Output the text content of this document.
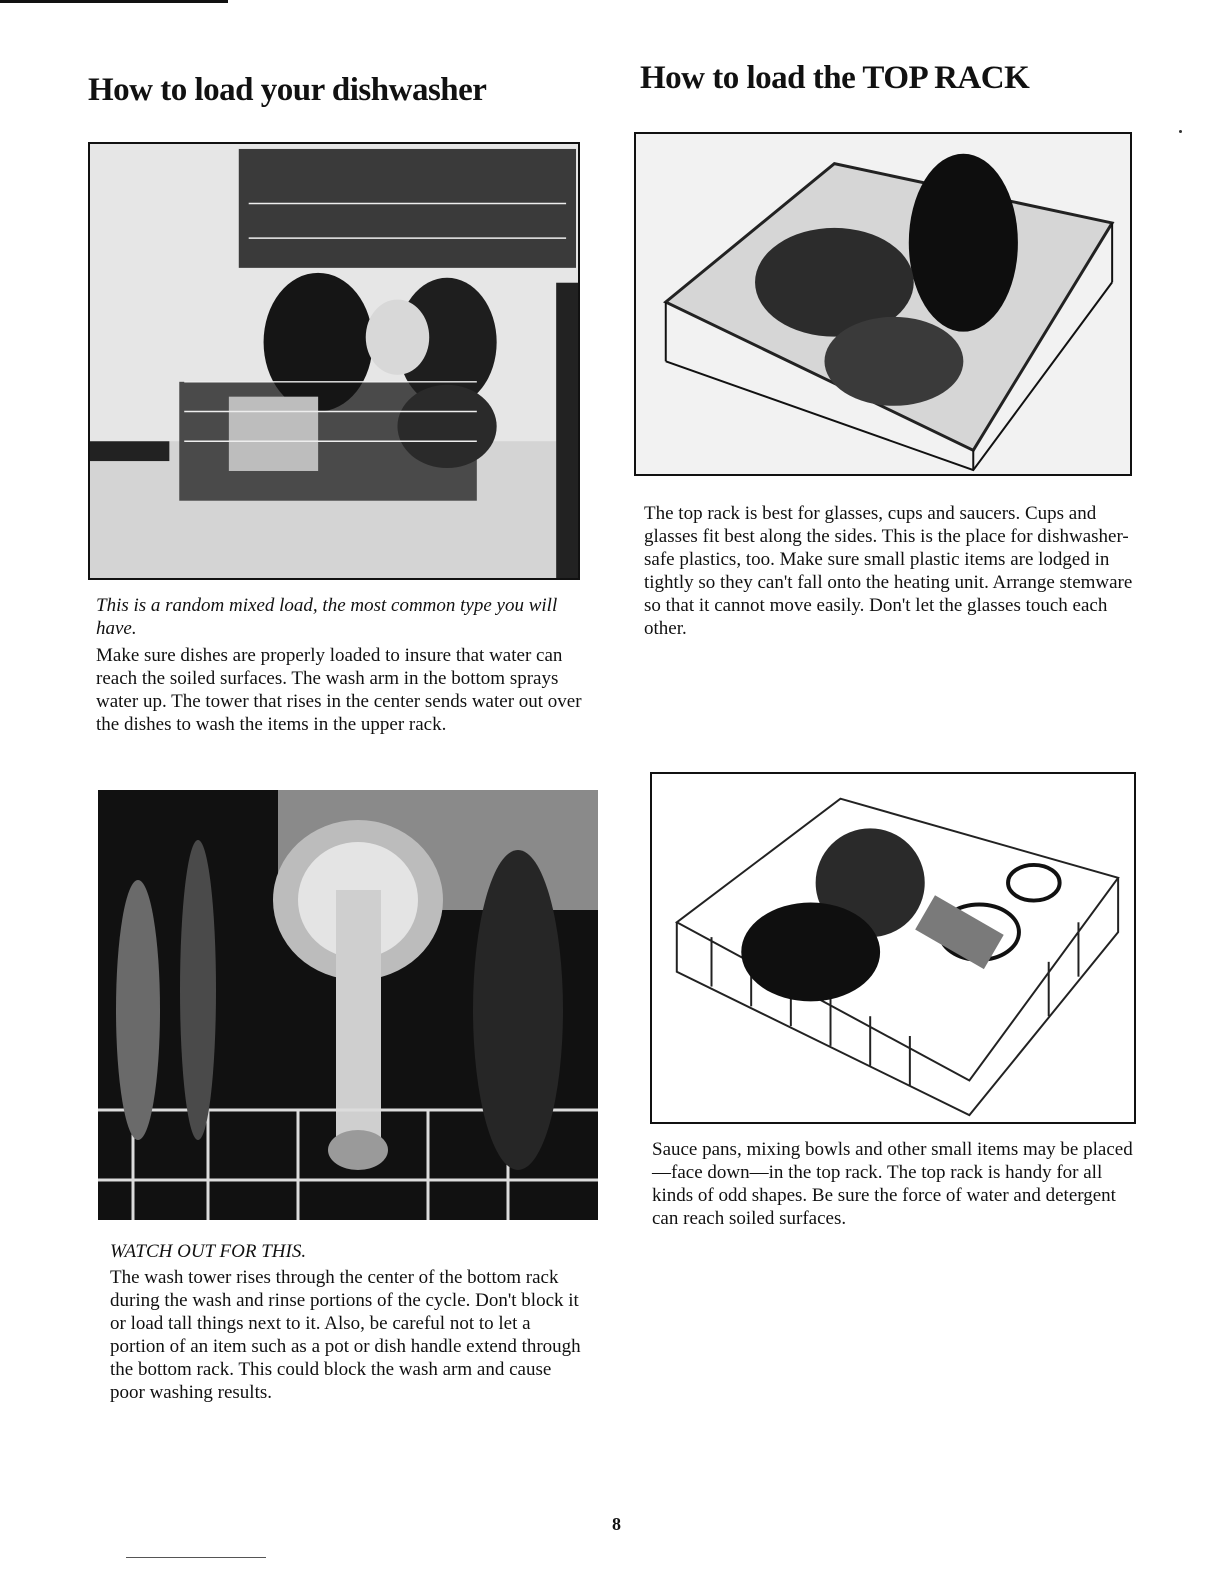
How to load your dishwasher	How to load the TOP RACK
This is a random mixed load, the most common type you will have.

Make sure dishes are properly loaded to insure that water can reach the soiled surfaces. The wash arm in the bottom sprays water up. The tower that rises in the center sends water out over the dishes to wash the items in the upper rack.

The top rack is best for glasses, cups and saucers. Cups and glasses fit best along the sides. This is the place for dishwasher-safe plastics, too. Make sure small plastic items are lodged in tightly so they can't fall onto the heating unit. Arrange stemware so that it cannot move easily. Don't let the glasses touch each other.

WATCH OUT FOR THIS.

The wash tower rises through the center of the bottom rack during the wash and rinse portions of the cycle. Don't block it or load tall things next to it. Also, be careful not to let a portion of an item such as a pot or dish handle extend through the bottom rack. This could block the wash arm and cause poor washing results.

Sauce pans, mixing bowls and other small items may be placed—face down—in the top rack. The top rack is handy for all kinds of odd shapes. Be sure the force of water and detergent can reach soiled surfaces.

8
